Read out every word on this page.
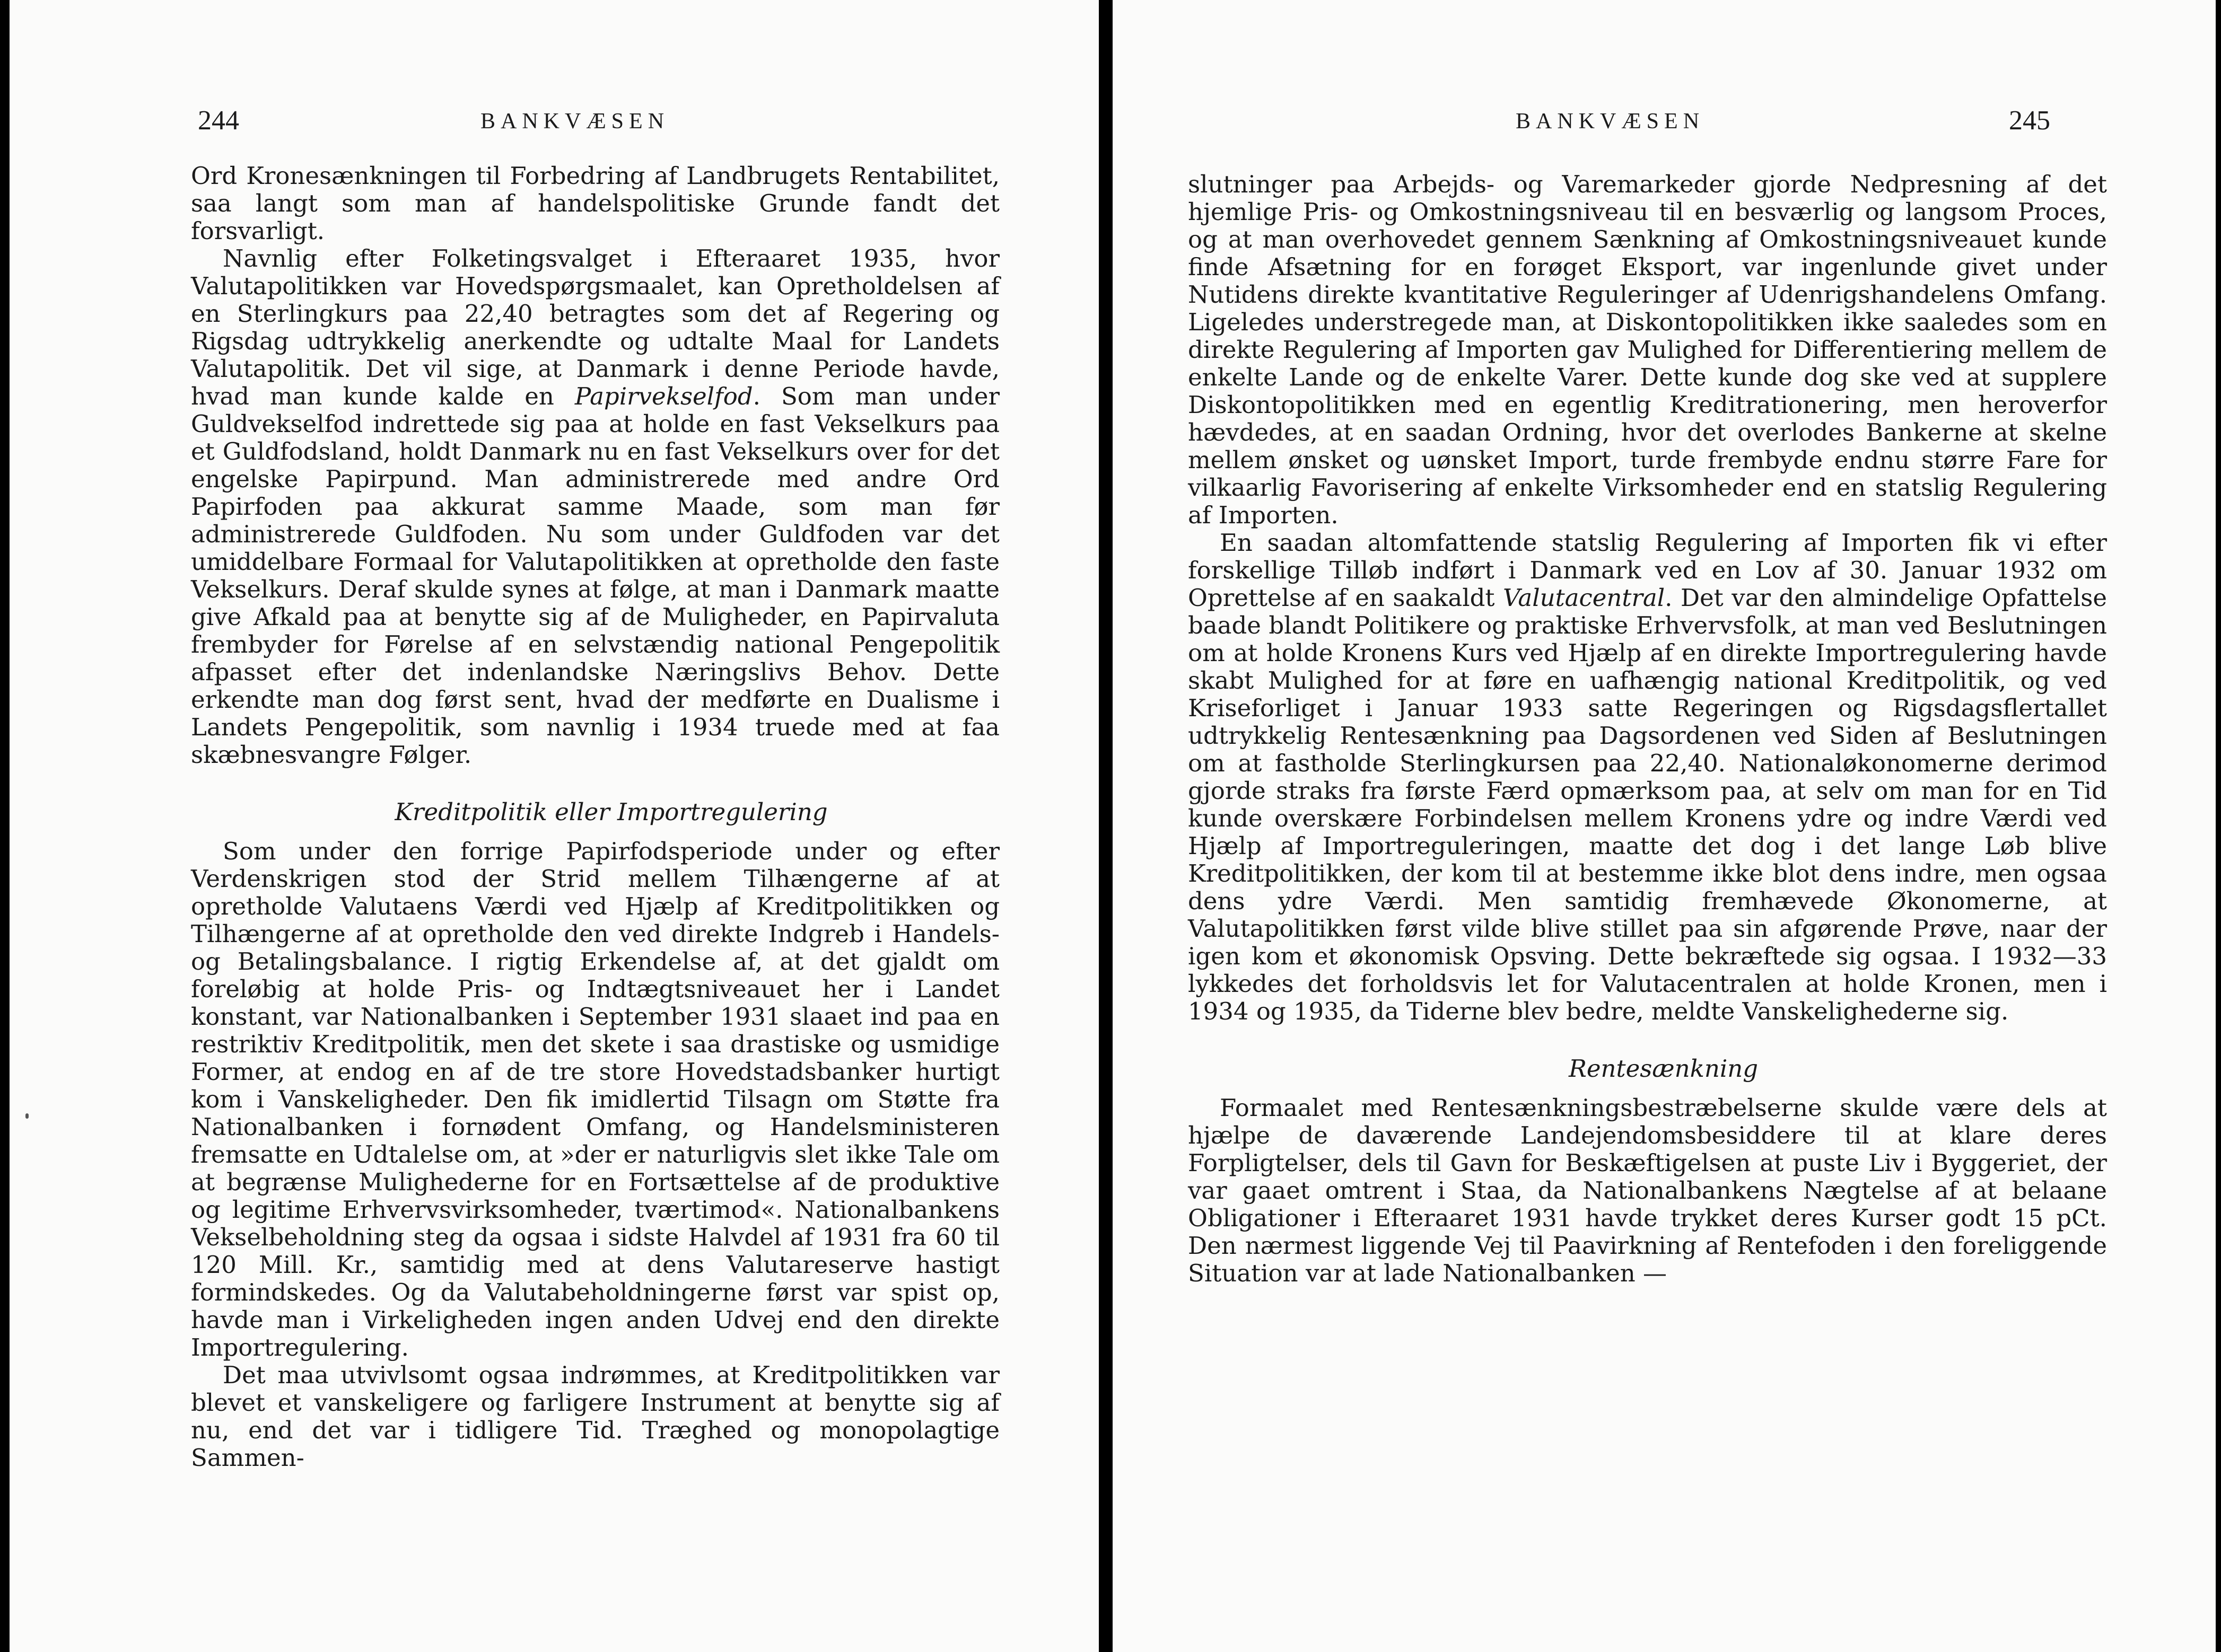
244	BANKVÆSEN

Ord Kronesænkningen til Forbedring af Landbrugets Rentabilitet, saa langt som man af handelspolitiske Grunde fandt det forsvarligt.

Navnlig efter Folketingsvalget i Efteraaret 1935, hvor Valutapolitikken var Hovedspørgsmaalet, kan Opretholdelsen af en Sterlingkurs paa 22,40 betragtes som det af Regering og Rigsdag udtrykkelig anerkendte og udtalte Maal for Landets Valutapolitik. Det vil sige, at Danmark i denne Periode havde, hvad man kunde kalde en Papirvekselfod. Som man under Guldvekselfod indrettede sig paa at holde en fast Vekselkurs paa et Guldfodsland, holdt Danmark nu en fast Vekselkurs over for det engelske Papirpund. Man administrerede med andre Ord Papirfoden paa akkurat samme Maade, som man før administrerede Guldfoden. Nu som under Guldfoden var det umiddelbare Formaal for Valutapolitikken at opretholde den faste Vekselkurs. Deraf skulde synes at følge, at man i Danmark maatte give Afkald paa at benytte sig af de Muligheder, en Papirvaluta frembyder for Førelse af en selvstændig national Pengepolitik afpasset efter det indenlandske Næringslivs Behov. Dette erkendte man dog først sent, hvad der medførte en Dualisme i Landets Pengepolitik, som navnlig i 1934 truede med at faa skæbnesvangre Følger.

Kreditpolitik eller Importregulering

Som under den forrige Papirfodsperiode under og efter Verdenskrigen stod der Strid mellem Tilhængerne af at opretholde Valutaens Værdi ved Hjælp af Kreditpolitikken og Tilhængerne af at opretholde den ved direkte Indgreb i Handels- og Betalingsbalance. I rigtig Erkendelse af, at det gjaldt om foreløbig at holde Pris- og Indtægtsniveauet her i Landet konstant, var Nationalbanken i September 1931 slaaet ind paa en restriktiv Kreditpolitik, men det skete i saa drastiske og usmidige Former, at endog en af de tre store Hovedstadsbanker hurtigt kom i Vanskeligheder. Den fik imidlertid Tilsagn om Støtte fra Nationalbanken i fornødent Omfang, og Handelsministeren fremsatte en Udtalelse om, at »der er naturligvis slet ikke Tale om at begrænse Mulighederne for en Fortsættelse af de produktive og legitime Erhvervsvirksomheder, tværtimod«. Nationalbankens Vekselbeholdning steg da ogsaa i sidste Halvdel af 1931 fra 60 til 120 Mill. Kr., samtidig med at dens Valutareserve hastigt formindskedes. Og da Valutabeholdningerne først var spist op, havde man i Virkeligheden ingen anden Udvej end den direkte Importregulering.

Det maa utvivlsomt ogsaa indrømmes, at Kreditpolitikken var blevet et vanskeligere og farligere Instrument at benytte sig af nu, end det var i tidligere Tid. Træghed og monopolagtige Sammen-

BANKVÆSEN	245

slutninger paa Arbejds- og Varemarkeder gjorde Nedpresning af det hjemlige Pris- og Omkostningsniveau til en besværlig og langsom Proces, og at man overhovedet gennem Sænkning af Omkostningsniveauet kunde finde Afsætning for en forøget Eksport, var ingenlunde givet under Nutidens direkte kvantitative Reguleringer af Udenrigshandelens Omfang. Ligeledes understregede man, at Diskontopolitikken ikke saaledes som en direkte Regulering af Importen gav Mulighed for Differentiering mellem de enkelte Lande og de enkelte Varer. Dette kunde dog ske ved at supplere Diskontopolitikken med en egentlig Kreditrationering, men heroverfor hævdedes, at en saadan Ordning, hvor det overlodes Bankerne at skelne mellem ønsket og uønsket Import, turde frembyde endnu større Fare for vilkaarlig Favorisering af enkelte Virksomheder end en statslig Regulering af Importen.

En saadan altomfattende statslig Regulering af Importen fik vi efter forskellige Tilløb indført i Danmark ved en Lov af 30. Januar 1932 om Oprettelse af en saakaldt Valutacentral. Det var den almindelige Opfattelse baade blandt Politikere og praktiske Erhvervsfolk, at man ved Beslutningen om at holde Kronens Kurs ved Hjælp af en direkte Importregulering havde skabt Mulighed for at føre en uafhængig national Kreditpolitik, og ved Kriseforliget i Januar 1933 satte Regeringen og Rigsdagsflertallet udtrykkelig Rentesænkning paa Dagsordenen ved Siden af Beslutningen om at fastholde Sterlingkursen paa 22,40. Nationaløkonomerne derimod gjorde straks fra første Færd opmærksom paa, at selv om man for en Tid kunde overskære Forbindelsen mellem Kronens ydre og indre Værdi ved Hjælp af Importreguleringen, maatte det dog i det lange Løb blive Kreditpolitikken, der kom til at bestemme ikke blot dens indre, men ogsaa dens ydre Værdi. Men samtidig fremhævede Økonomerne, at Valutapolitikken først vilde blive stillet paa sin afgørende Prøve, naar der igen kom et økonomisk Opsving. Dette bekræftede sig ogsaa. I 1932—33 lykkedes det forholdsvis let for Valutacentralen at holde Kronen, men i 1934 og 1935, da Tiderne blev bedre, meldte Vanskelighederne sig.

Rentesænkning

Formaalet med Rentesænkningsbestræbelserne skulde være dels at hjælpe de daværende Landejendomsbesiddere til at klare deres Forpligtelser, dels til Gavn for Beskæftigelsen at puste Liv i Byggeriet, der var gaaet omtrent i Staa, da Nationalbankens Nægtelse af at belaane Obligationer i Efteraaret 1931 havde trykket deres Kurser godt 15 pCt. Den nærmest liggende Vej til Paavirkning af Rentefoden i den foreliggende Situation var at lade Nationalbanken —
